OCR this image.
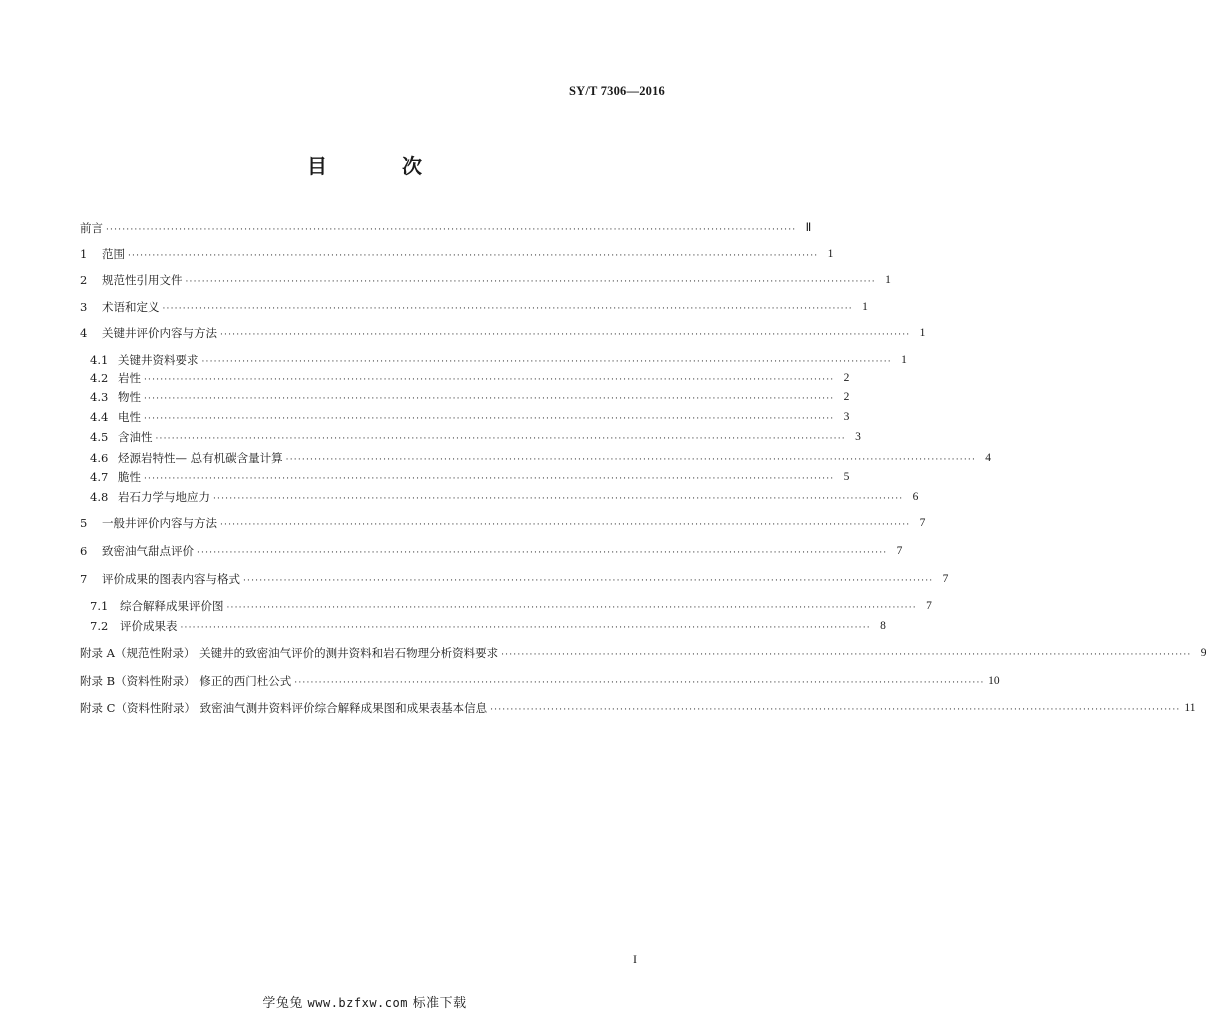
SY/T 7306—2016
目 次
前言 ·········································································································································································· Ⅱ
1	范围 ·········································································································································································· 1
2	规范性引用文件 ·········································································································································································· 1
3	术语和定义 ·········································································································································································· 1
4	关键井评价内容与方法 ·········································································································································································· 1
4.1 关键井资料要求 ·········································································································································································· 1
4.2 岩性 ·········································································································································································· 2
4.3 物性 ·········································································································································································· 2
4.4 电性 ·········································································································································································· 3
4.5 含油性 ·········································································································································································· 3
4.6 烃源岩特性— 总有机碳含量计算 ·········································································································································································· 4
4.7 脆性 ·········································································································································································· 5
4.8 岩石力学与地应力 ·········································································································································································· 6
5	一般井评价内容与方法 ·········································································································································································· 7
6	致密油气甜点评价 ·········································································································································································· 7
7	评价成果的图表内容与格式 ·········································································································································································· 7
7.1	综合解释成果评价图 ·········································································································································································· 7
7.2	评价成果表 ·········································································································································································· 8
附录 A（规范性附录） 关键井的致密油气评价的测井资料和岩石物理分析资料要求 ·········································································································································································· 9
附录 B（资料性附录） 修正的西门杜公式 ·········································································································································································· 10
附录 C（资料性附录） 致密油气测井资料评价综合解释成果图和成果表基本信息 ·········································································································································································· 11
I
学兔兔 www.bzfxw.com 标准下载
